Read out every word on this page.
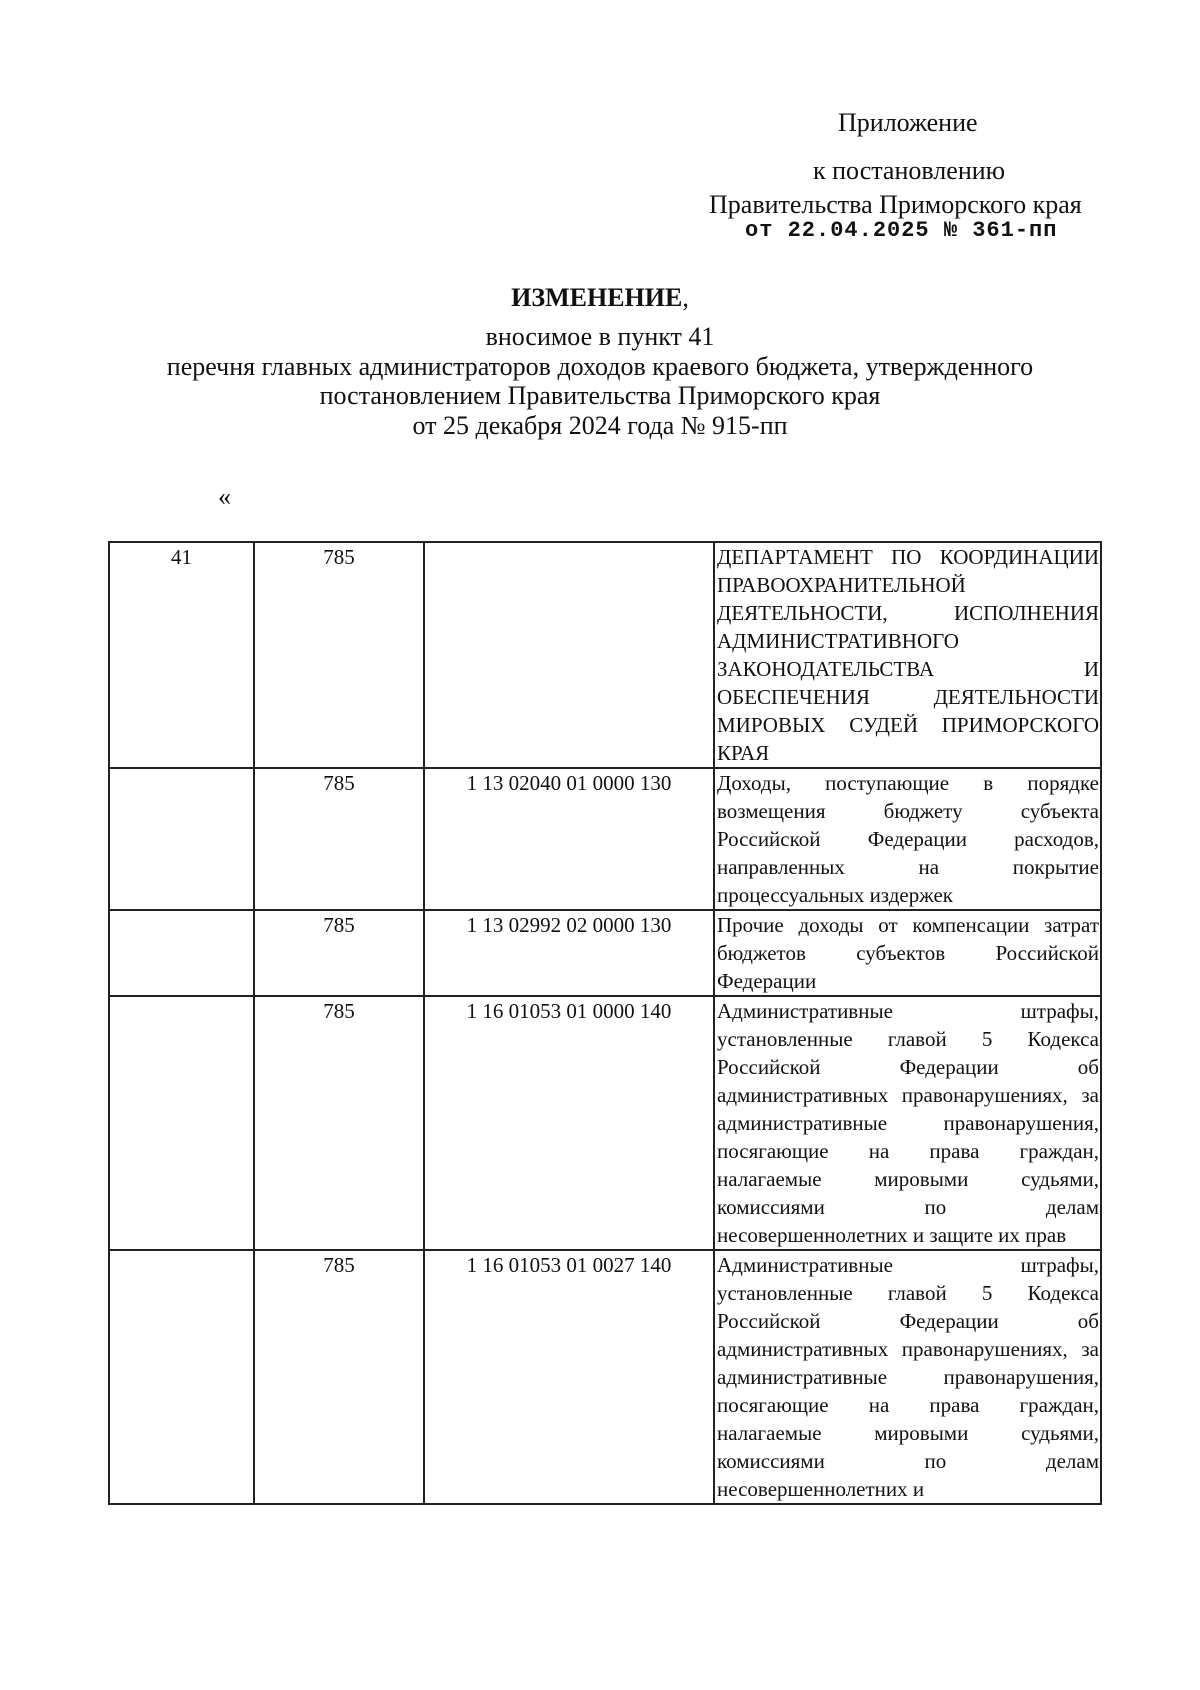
Приложение
к постановлению
Правительства Приморского края
от 22.04.2025 № 361-пп
ИЗМЕНЕНИЕ,
вносимое в пункт 41
перечня главных администраторов доходов краевого бюджета, утвержденного
постановлением Правительства Приморского края
от 25 декабря 2024 года № 915-пп
«
41	785		ДЕПАРТАМЕНТ ПО КООРДИНАЦИИ ПРАВООХРАНИТЕЛЬНОЙ ДЕЯТЕЛЬНОСТИ, ИСПОЛНЕНИЯ АДМИНИСТРАТИВНОГО ЗАКОНОДАТЕЛЬСТВА И ОБЕСПЕЧЕНИЯ ДЕЯТЕЛЬНОСТИ МИРОВЫХ СУДЕЙ ПРИМОРСКОГО КРАЯ
	785	1 13 02040 01 0000 130	Доходы, поступающие в порядке возмещения бюджету субъекта Российской Федерации расходов, направленных на покрытие процессуальных издержек
	785	1 13 02992 02 0000 130	Прочие доходы от компенсации затрат бюджетов субъектов Российской Федерации
	785	1 16 01053 01 0000 140	Административные штрафы, установленные главой 5 Кодекса Российской Федерации об административных правонарушениях, за административные правонарушения, посягающие на права граждан, налагаемые мировыми судьями, комиссиями по делам несовершеннолетних и защите их прав
	785	1 16 01053 01 0027 140	Административные штрафы, установленные главой 5 Кодекса Российской Федерации об административных правонарушениях, за административные правонарушения, посягающие на права граждан, налагаемые мировыми судьями, комиссиями по делам несовершеннолетних и
